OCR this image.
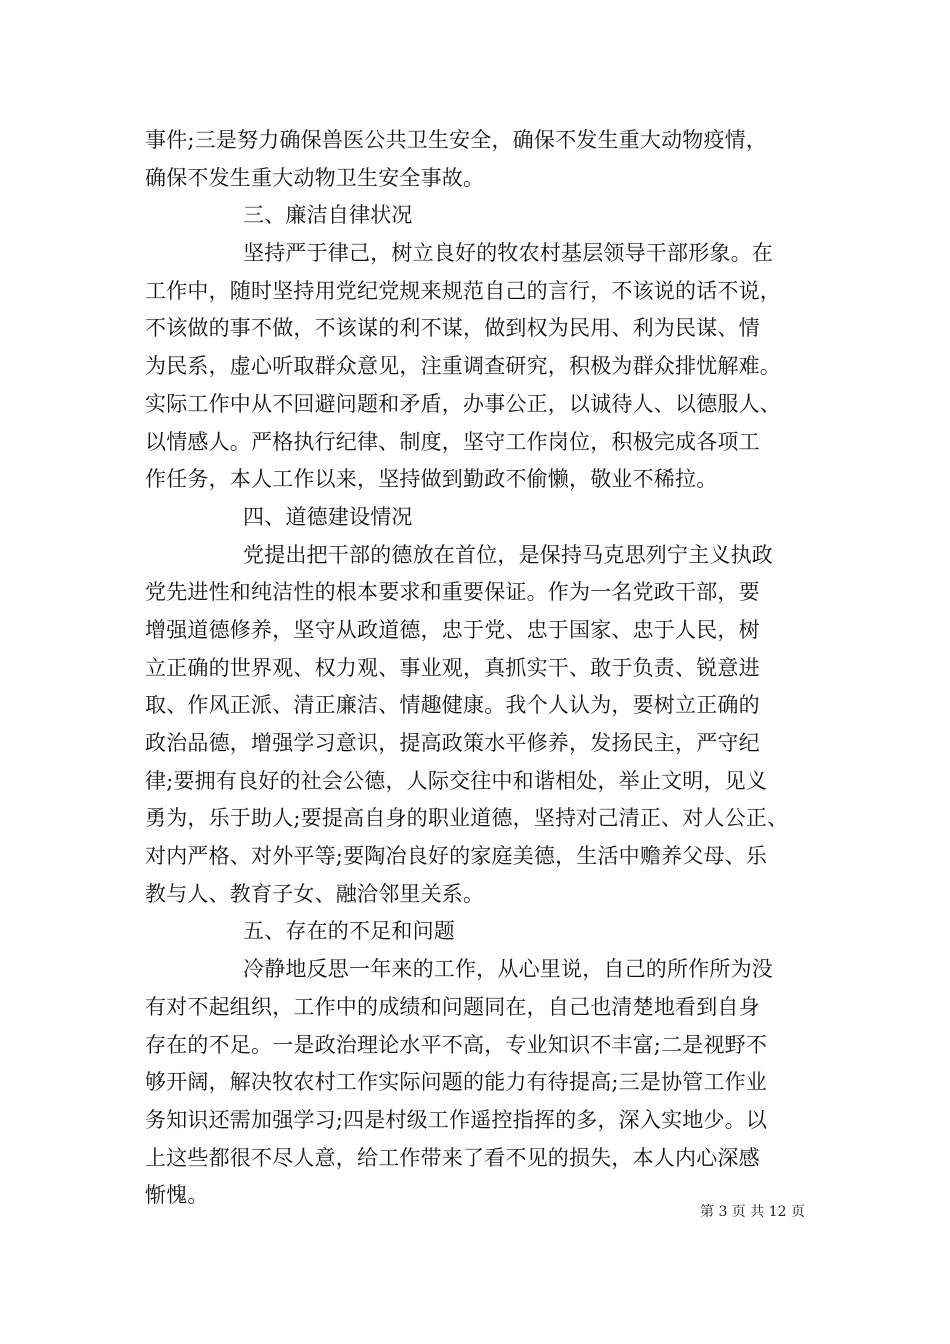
事件;三是努力确保兽医公共卫生安全，确保不发生重大动物疫情，
确保不发生重大动物卫生安全事故。
三、廉洁自律状况
坚持严于律己，树立良好的牧农村基层领导干部形象。在
工作中，随时坚持用党纪党规来规范自己的言行，不该说的话不说，
不该做的事不做，不该谋的利不谋，做到权为民用、利为民谋、情
为民系，虚心听取群众意见，注重调查研究，积极为群众排忧解难。
实际工作中从不回避问题和矛盾，办事公正，以诚待人、以德服人、
以情感人。严格执行纪律、制度，坚守工作岗位，积极完成各项工
作任务，本人工作以来，坚持做到勤政不偷懒，敬业不稀拉。
四、道德建设情况
党提出把干部的德放在首位，是保持马克思列宁主义执政
党先进性和纯洁性的根本要求和重要保证。作为一名党政干部，要
增强道德修养，坚守从政道德，忠于党、忠于国家、忠于人民，树
立正确的世界观、权力观、事业观，真抓实干、敢于负责、锐意进
取、作风正派、清正廉洁、情趣健康。我个人认为，要树立正确的
政治品德，增强学习意识，提高政策水平修养，发扬民主，严守纪
律;要拥有良好的社会公德，人际交往中和谐相处，举止文明，见义
勇为，乐于助人;要提高自身的职业道德，坚持对己清正、对人公正、
对内严格、对外平等;要陶冶良好的家庭美德，生活中赡养父母、乐
教与人、教育子女、融洽邻里关系。
五、存在的不足和问题
冷静地反思一年来的工作，从心里说，自己的所作所为没
有对不起组织，工作中的成绩和问题同在，自己也清楚地看到自身
存在的不足。一是政治理论水平不高，专业知识不丰富;二是视野不
够开阔，解决牧农村工作实际问题的能力有待提高;三是协管工作业
务知识还需加强学习;四是村级工作遥控指挥的多，深入实地少。以
上这些都很不尽人意，给工作带来了看不见的损失，本人内心深感
惭愧。
第 3 页 共 12 页
